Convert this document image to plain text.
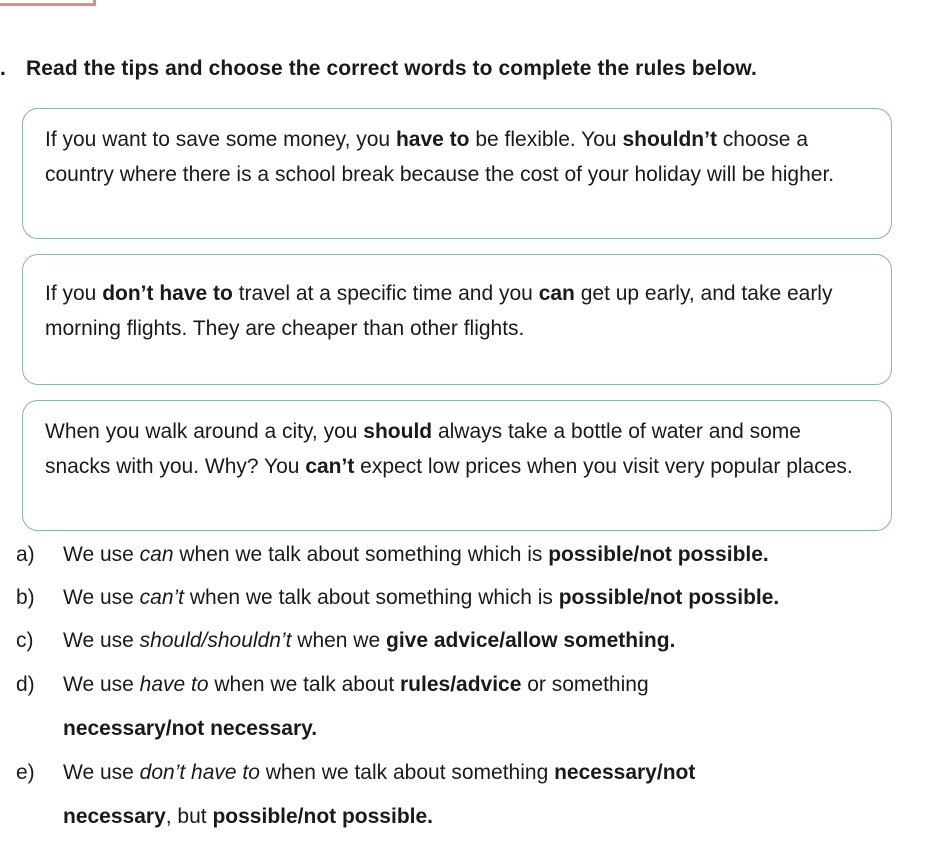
. Read the tips and choose the correct words to complete the rules below.

If you want to save some money, you have to be flexible. You shouldn’t choose a country where there is a school break because the cost of your holiday will be higher.
If you don’t have to travel at a specific time and you can get up early, and take early morning flights. They are cheaper than other flights.
When you walk around a city, you should always take a bottle of water and some snacks with you. Why? You can’t expect low prices when you visit very popular places.
a) We use can when we talk about something which is possible/not possible.
b) We use can’t when we talk about something which is possible/not possible.
c) We use should/shouldn’t when we give advice/allow something.
d) We use have to when we talk about rules/advice or something
necessary/not necessary.
e) We use don’t have to when we talk about something necessary/not
necessary, but possible/not possible.
